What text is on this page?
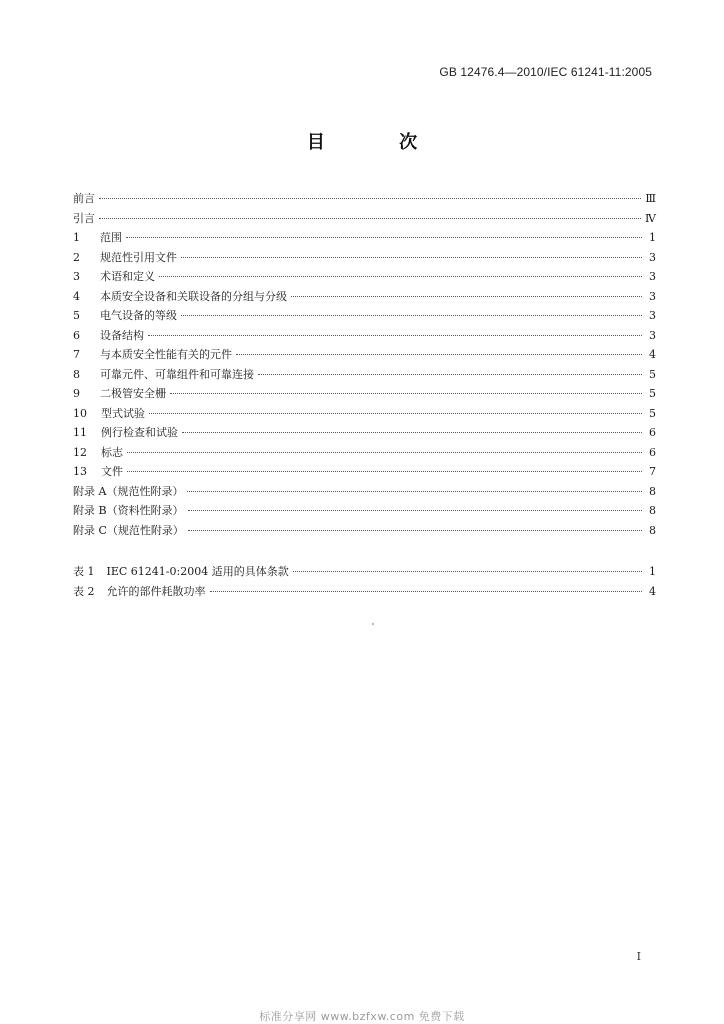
GB 12476.4—2010/IEC 61241-11:2005
目 次
前言	Ⅲ
引言	Ⅳ
1 范围	1
2 规范性引用文件	3
3 术语和定义	3
4 本质安全设备和关联设备的分组与分级	3
5 电气设备的等级	3
6 设备结构	3
7 与本质安全性能有关的元件	4
8 可靠元件、可靠组件和可靠连接	5
9 二极管安全栅	5
10 型式试验	5
11 例行检查和试验	6
12 标志	6
13 文件	7
附录 A（规范性附录）	8
附录 B（资料性附录）	8
附录 C（规范性附录）	8
表 1 IEC 61241-0:2004 适用的具体条款	1
表 2 允许的部件耗散功率	4
I
标准分享网 www.bzfxw.com 免费下载
